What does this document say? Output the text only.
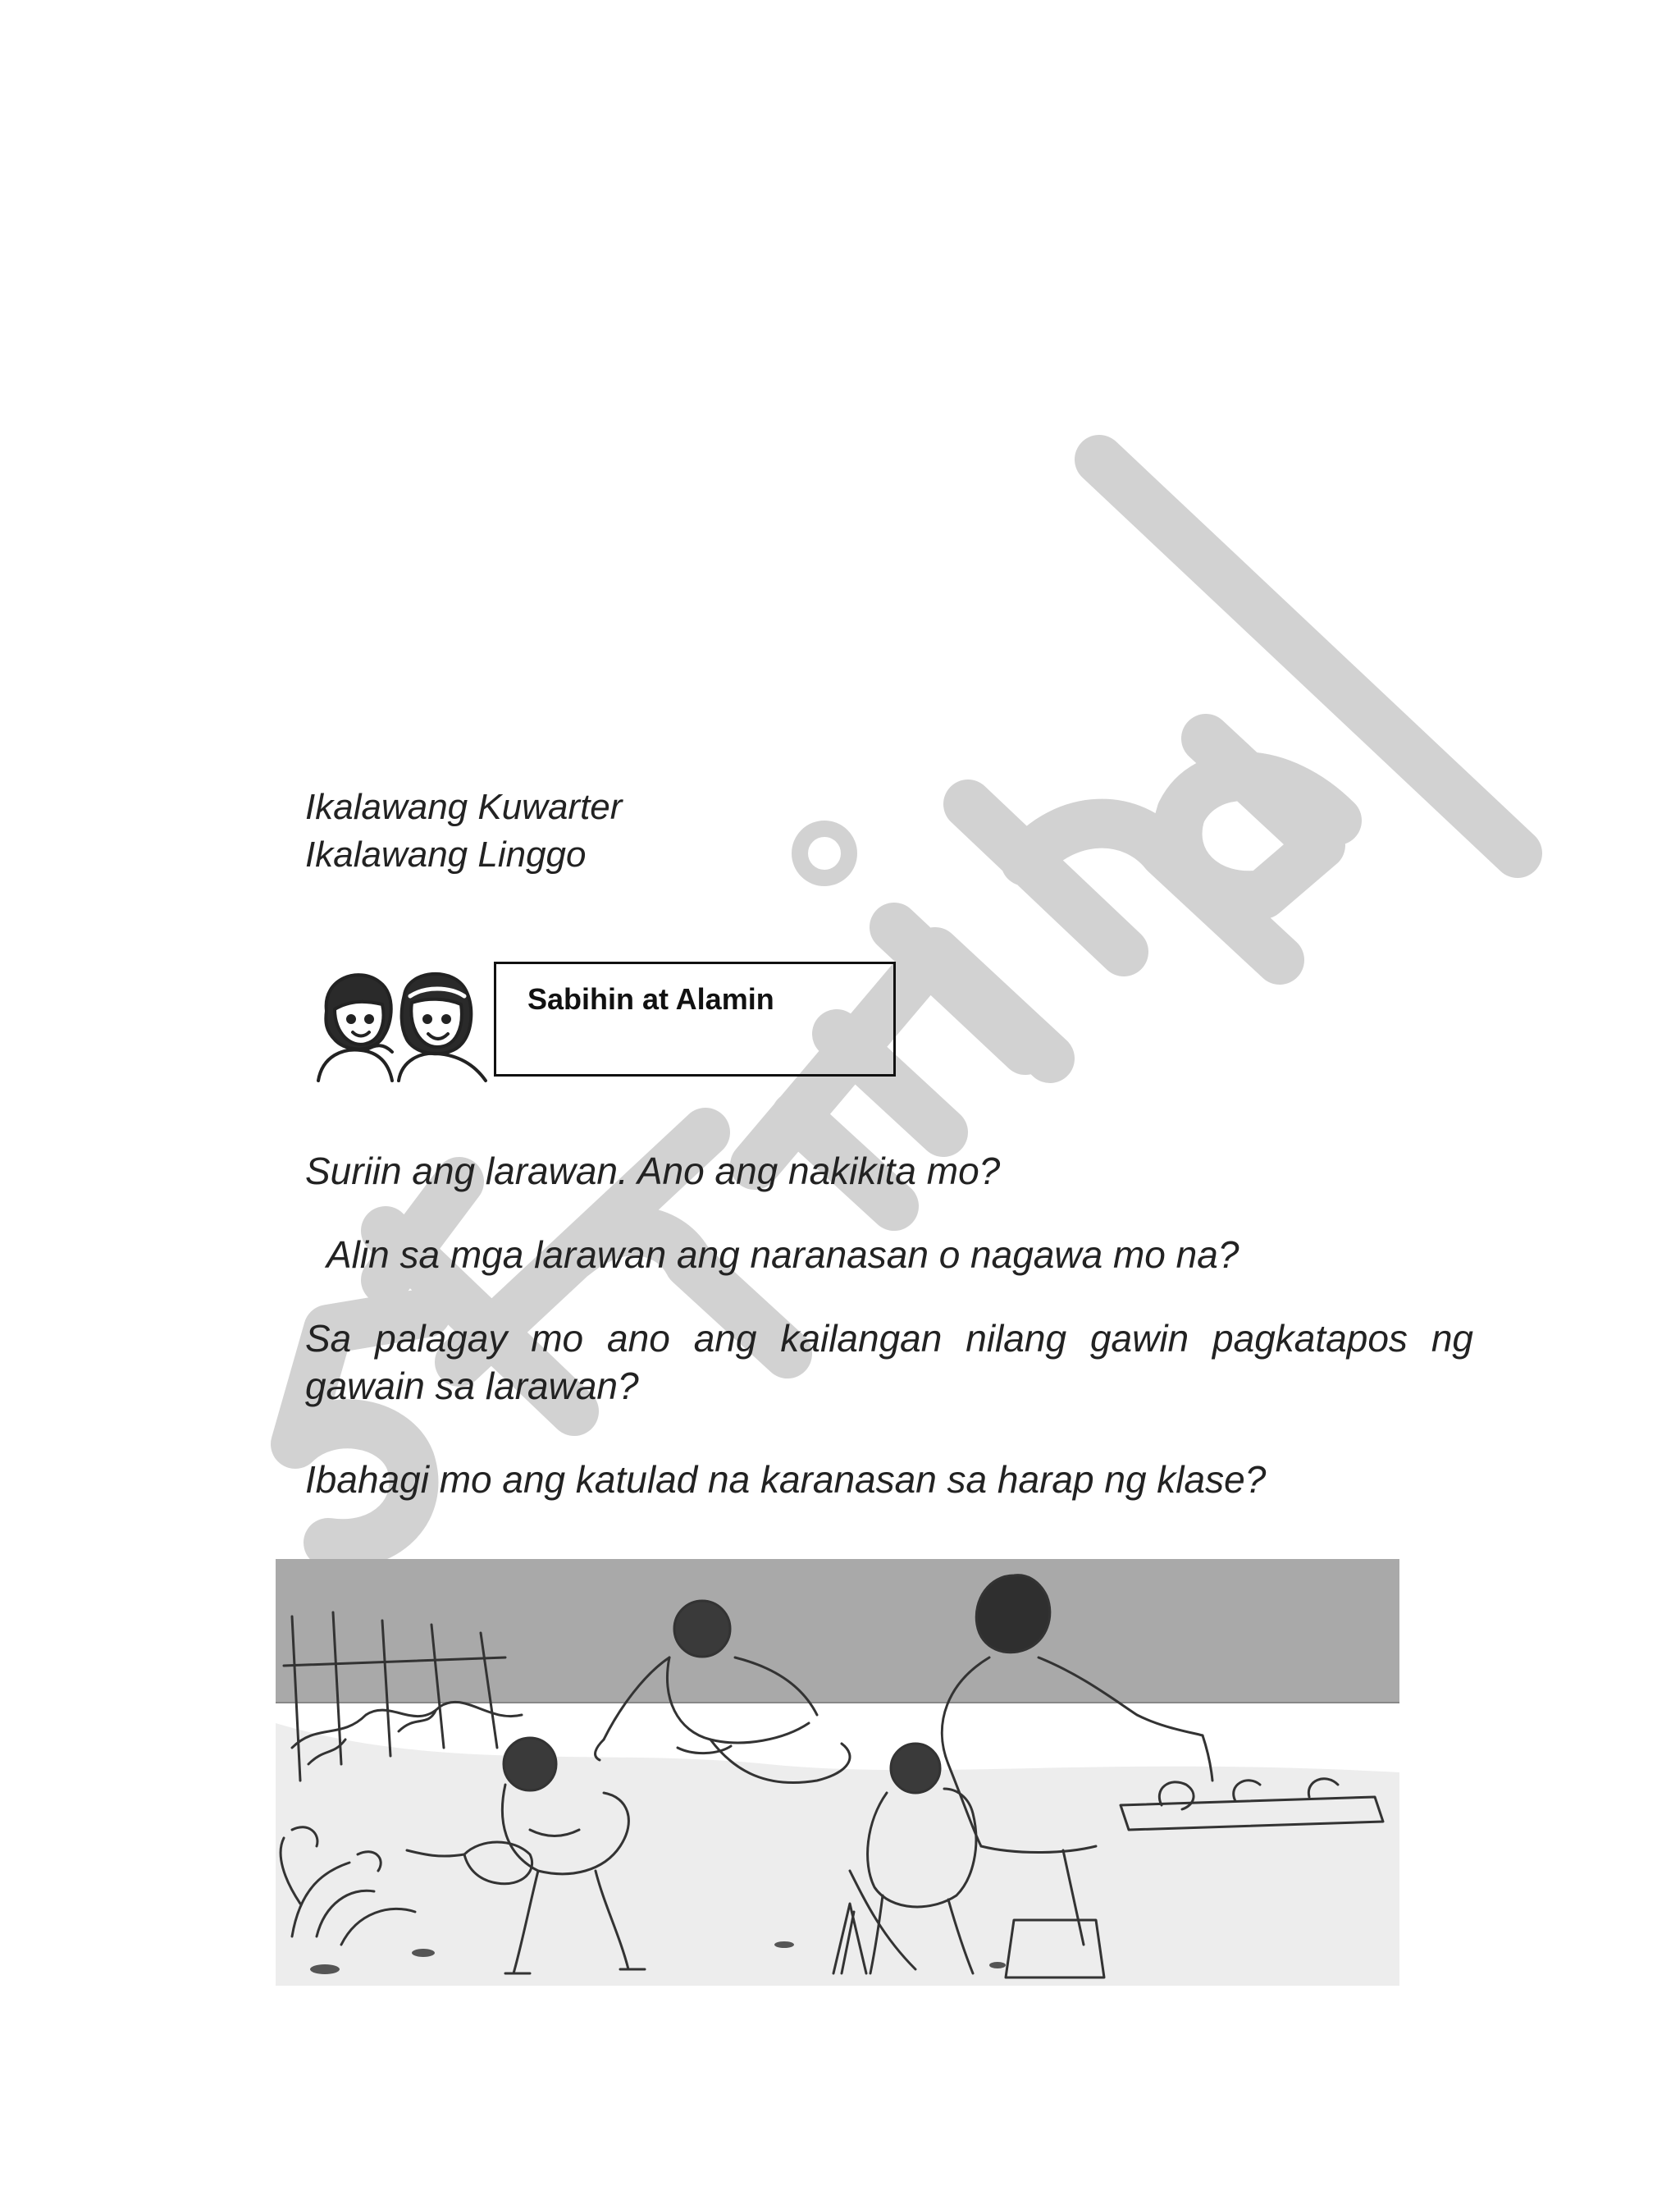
Ikalawang Kuwarter
Ikalawang Linggo
Sabihin at Alamin
Suriin ang larawan. Ano ang nakikita mo?
Alin sa mga larawan ang naranasan o nagawa mo na?
Sa palagay mo ano ang kailangan nilang gawin pagkatapos ng gawain sa larawan?
Ibahagi mo ang katulad na karanasan sa harap ng klase?
